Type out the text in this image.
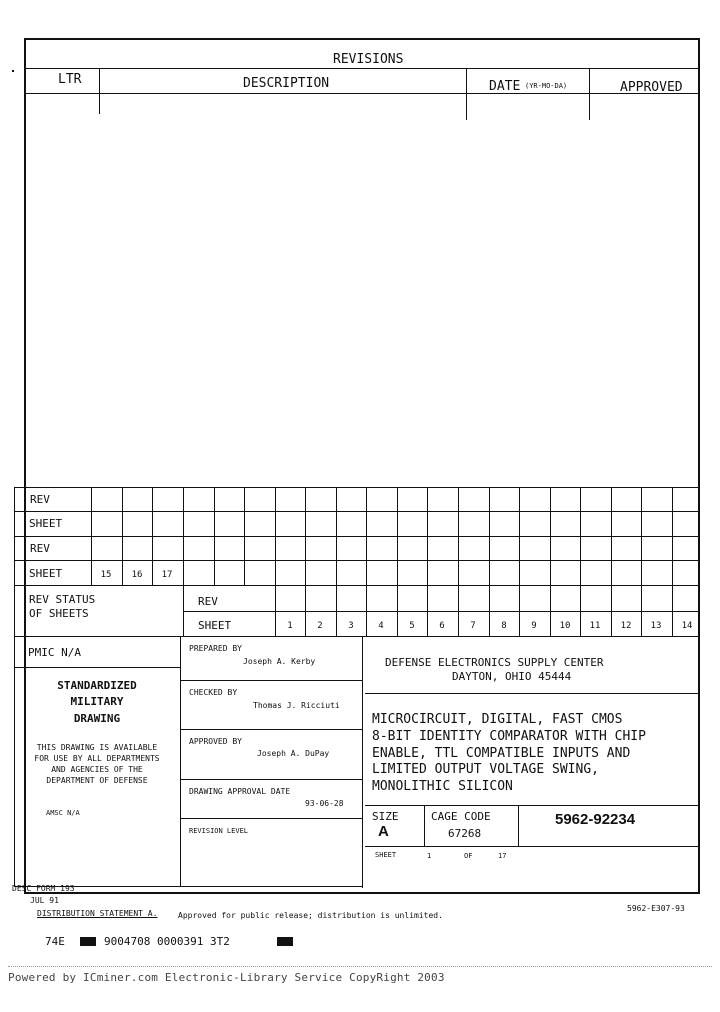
REVISIONS
LTR	DESCRIPTION	DATE (YR-MO-DA)	APPROVED
REV
SHEET
REV
SHEET	15	16	17
REV STATUS
OF SHEETS
REV
SHEET	1	2	3	4	5	6	7	8	9	10	11	12	13	14
PMIC N/A
STANDARDIZED
MILITARY
DRAWING
THIS DRAWING IS AVAILABLE
FOR USE BY ALL DEPARTMENTS
AND AGENCIES OF THE
DEPARTMENT OF DEFENSE
AMSC N/A
PREPARED BY
Joseph A. Kerby
CHECKED BY
Thomas J. Ricciuti
APPROVED BY
Joseph A. DuPay
DRAWING APPROVAL DATE
93-06-28
REVISION LEVEL
DEFENSE ELECTRONICS SUPPLY CENTER
DAYTON, OHIO 45444
MICROCIRCUIT, DIGITAL, FAST CMOS
8-BIT IDENTITY COMPARATOR WITH CHIP
ENABLE, TTL COMPATIBLE INPUTS AND
LIMITED OUTPUT VOLTAGE SWING,
MONOLITHIC SILICON
SIZE
A
CAGE CODE
67268
5962-92234
SHEET	1	OF	17
DESC FORM 193
JUL 91
DISTRIBUTION STATEMENT A.	Approved for public release; distribution is unlimited.
5962-E307-93
74E	9004708 0000391 3T2
Powered by ICminer.com Electronic-Library Service CopyRight 2003
